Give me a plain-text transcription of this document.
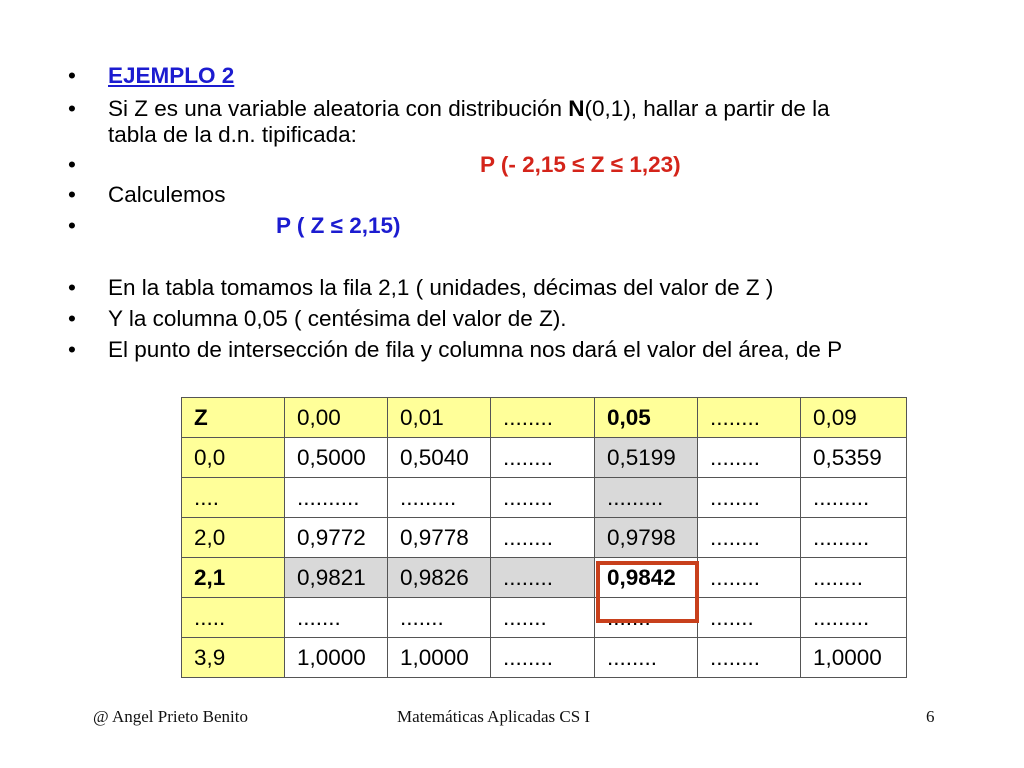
•	EJEMPLO 2
•	Si Z es una variable aleatoria con distribución N(0,1), hallar a partir de la
tabla de la d.n. tipificada:
•	P (- 2,15 ≤ Z ≤ 1,23)
•	Calculemos
•	P ( Z ≤ 2,15)
•	En la tabla tomamos la fila 2,1 ( unidades, décimas del valor de Z )
•	Y la columna 0,05 ( centésima del valor de Z).
•	El punto de intersección de fila y columna nos dará el valor del área, de P
Z	0,00	0,01	........	0,05	........	0,09
0,0	0,5000	0,5040	........	0,5199	........	0,5359
....	..........	.........	........	.........	........	.........
2,0	0,9772	0,9778	........	0,9798	........	.........
2,1	0,9821	0,9826	........	0,9842	........	........
.....	.......	.......	.......	.......	.......	.........
3,9	1,0000	1,0000	........	........	........	1,0000
@ Angel Prieto Benito	Matemáticas Aplicadas CS I	6
